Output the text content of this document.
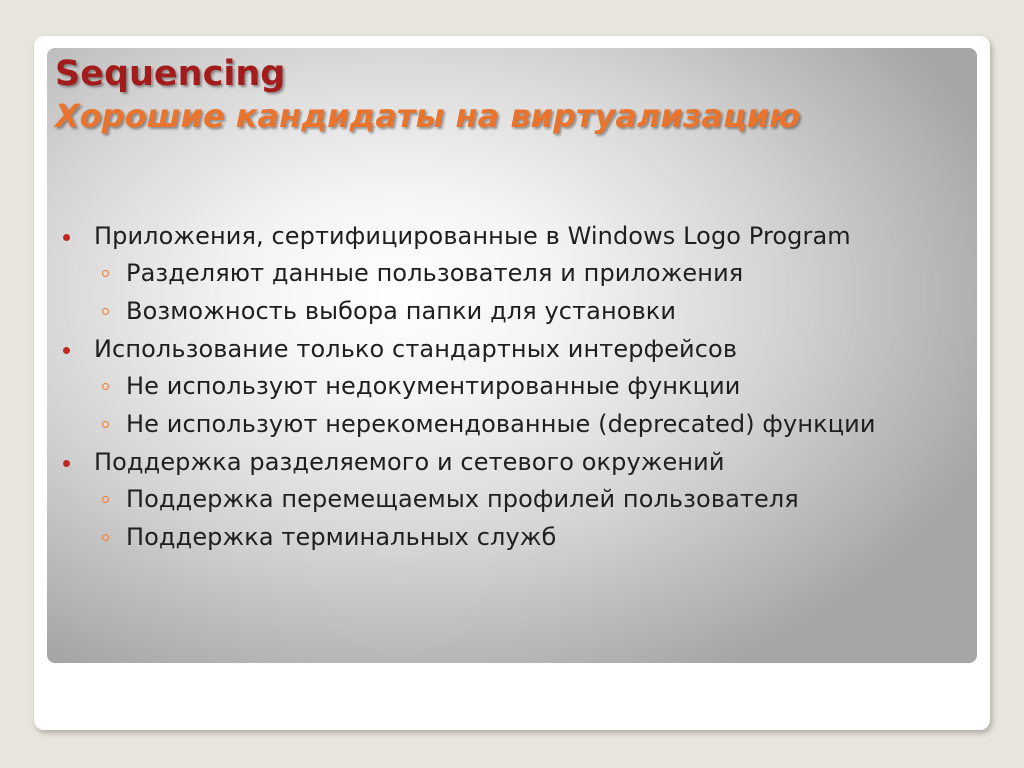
Sequencing
Хорошие кандидаты на виртуализацию
Приложения, сертифицированные в Windows Logo Program
Разделяют данные пользователя и приложения
Возможность выбора папки для установки
Использование только стандартных интерфейсов
Не используют недокументированные функции
Не используют нерекомендованные (deprecated) функции
Поддержка разделяемого и сетевого окружений
Поддержка перемещаемых профилей пользователя
Поддержка терминальных служб
